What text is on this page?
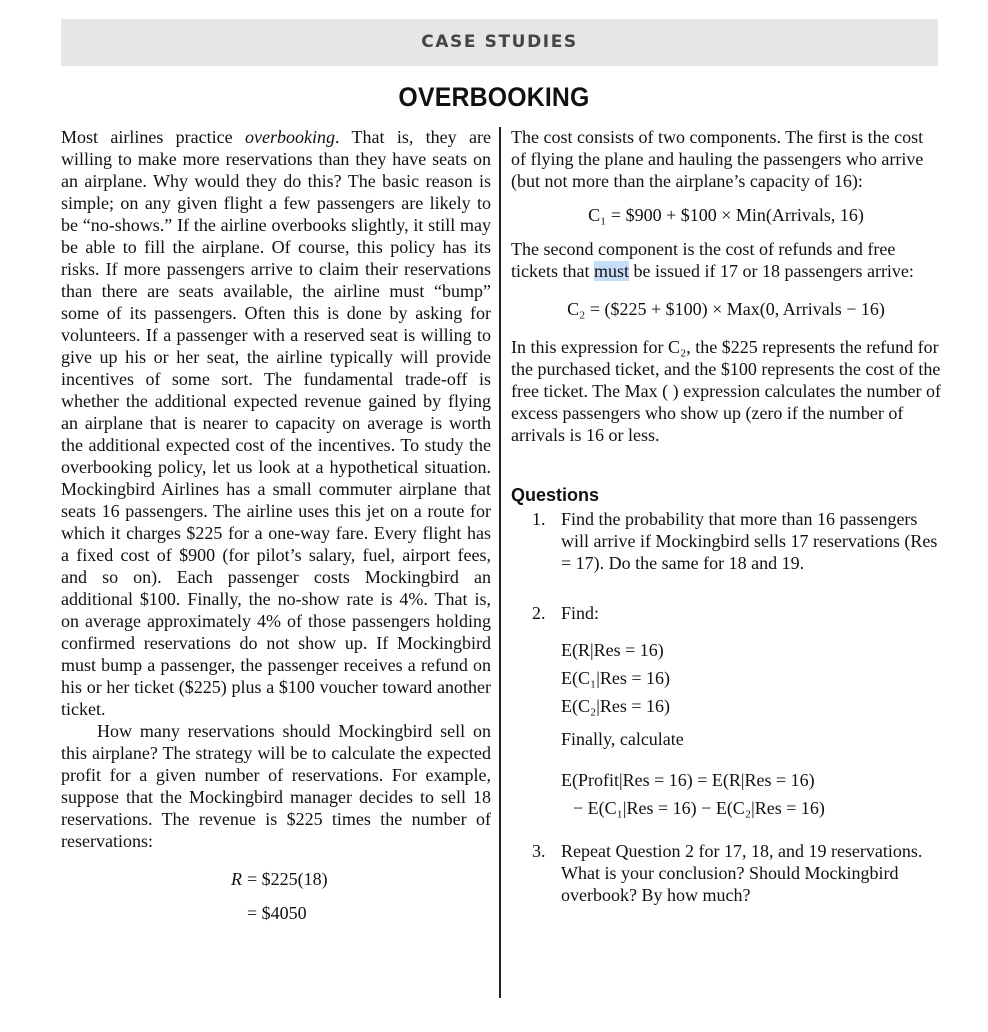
CASE STUDIES
OVERBOOKING

Most airlines practice overbooking. That is, they are willing to make more reservations than they have seats on an airplane. Why would they do this? The basic reason is simple; on any given flight a few passengers are likely to be “no-shows.” If the airline overbooks slightly, it still may be able to fill the airplane. Of course, this policy has its risks. If more passengers arrive to claim their reservations than there are seats available, the airline must “bump” some of its passengers. Often this is done by asking for volunteers. If a passenger with a reserved seat is willing to give up his or her seat, the airline typically will provide incentives of some sort. The fundamental trade-off is whether the additional expected revenue gained by flying an airplane that is nearer to capacity on average is worth the additional expected cost of the incentives. To study the overbooking policy, let us look at a hypothetical situation. Mockingbird Airlines has a small commuter airplane that seats 16 passengers. The airline uses this jet on a route for which it charges $225 for a one-way fare. Every flight has a fixed cost of $900 (for pilot’s salary, fuel, airport fees, and so on). Each passenger costs Mockingbird an additional $100. Finally, the no-show rate is 4%. That is, on average approximately 4% of those passengers holding confirmed reservations do not show up. If Mockingbird must bump a passenger, the passenger receives a refund on his or her ticket ($225) plus a $100 voucher toward another ticket.

How many reservations should Mockingbird sell on this airplane? The strategy will be to calculate the expected profit for a given number of reservations. For example, suppose that the Mockingbird manager decides to sell 18 reservations. The revenue is $225 times the number of reservations:

R = $225(18)
= $4050

The cost consists of two components. The first is the cost of flying the plane and hauling the passengers who arrive (but not more than the airplane’s capacity of 16):

C₁ = $900 + $100 × Min(Arrivals, 16)

The second component is the cost of refunds and free tickets that must be issued if 17 or 18 passengers arrive:

C₂ = ($225 + $100) × Max(0, Arrivals − 16)

In this expression for C₂, the $225 represents the refund for the purchased ticket, and the $100 represents the cost of the free ticket. The Max ( ) expression calculates the number of excess passengers who show up (zero if the number of arrivals is 16 or less.

Questions

1. Find the probability that more than 16 passengers will arrive if Mockingbird sells 17 reservations (Res = 17). Do the same for 18 and 19.

2. Find:

E(R|Res = 16)
E(C₁|Res = 16)
E(C₂|Res = 16)
Finally, calculate
E(Profit|Res = 16) = E(R|Res = 16)
− E(C₁|Res = 16) − E(C₂|Res = 16)
3. Repeat Question 2 for 17, 18, and 19 reservations. What is your conclusion? Should Mockingbird overbook? By how much?
